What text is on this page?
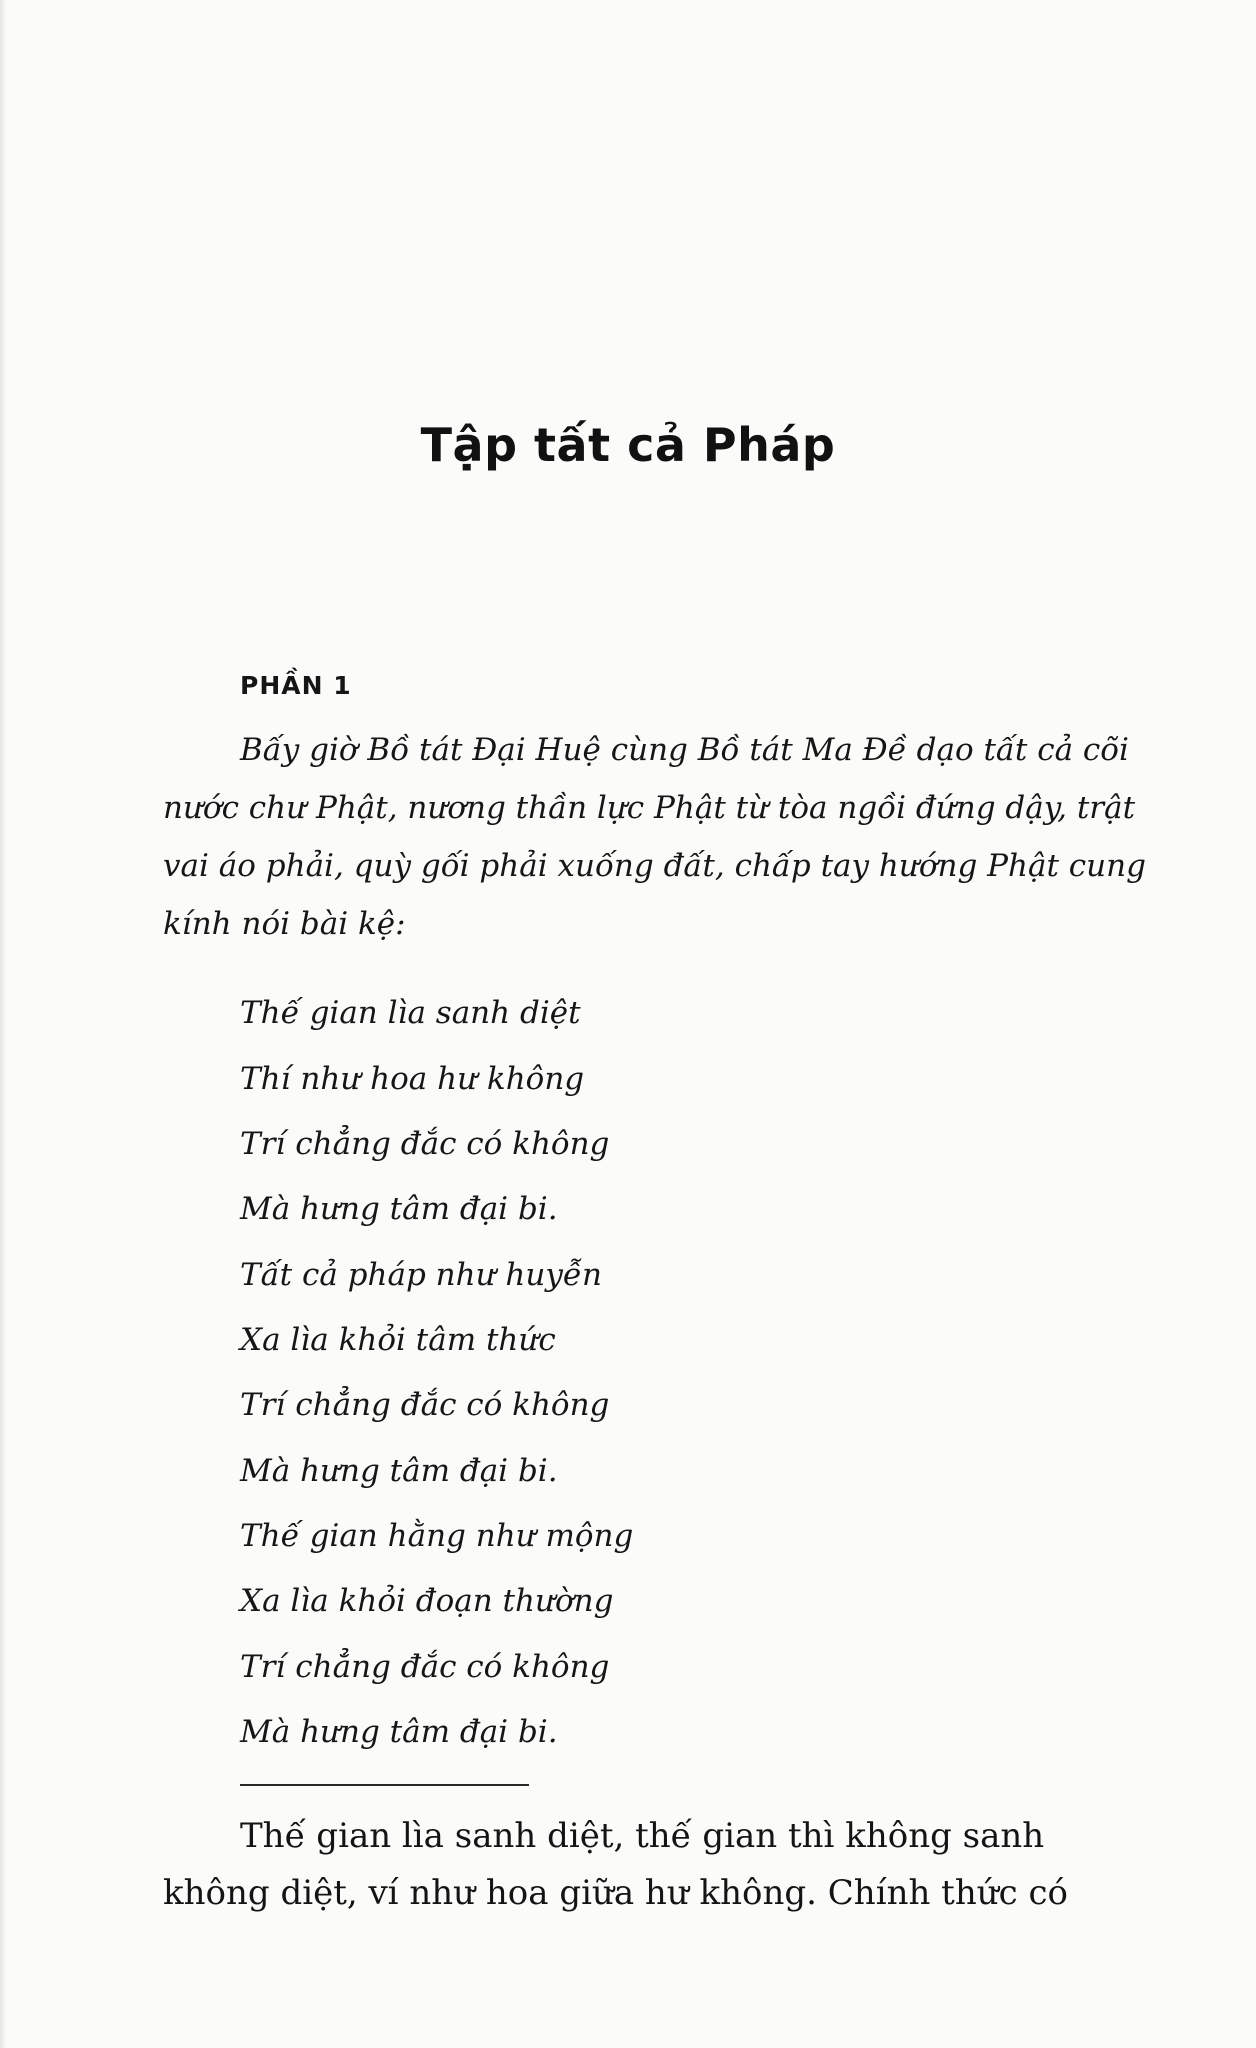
Tập tất cả Pháp
PHẦN 1
Bấy giờ Bồ tát Đại Huệ cùng Bồ tát Ma Đề dạo tất cả cõi
nước chư Phật, nương thần lực Phật từ tòa ngồi đứng dậy, trật
vai áo phải, quỳ gối phải xuống đất, chấp tay hướng Phật cung
kính nói bài kệ:
Thế gian lìa sanh diệt
Thí như hoa hư không
Trí chẳng đắc có không
Mà hưng tâm đại bi.
Tất cả pháp như huyễn
Xa lìa khỏi tâm thức
Trí chẳng đắc có không
Mà hưng tâm đại bi.
Thế gian hằng như mộng
Xa lìa khỏi đoạn thường
Trí chẳng đắc có không
Mà hưng tâm đại bi.
Thế gian lìa sanh diệt, thế gian thì không sanh
không diệt, ví như hoa giữa hư không. Chính thức có
